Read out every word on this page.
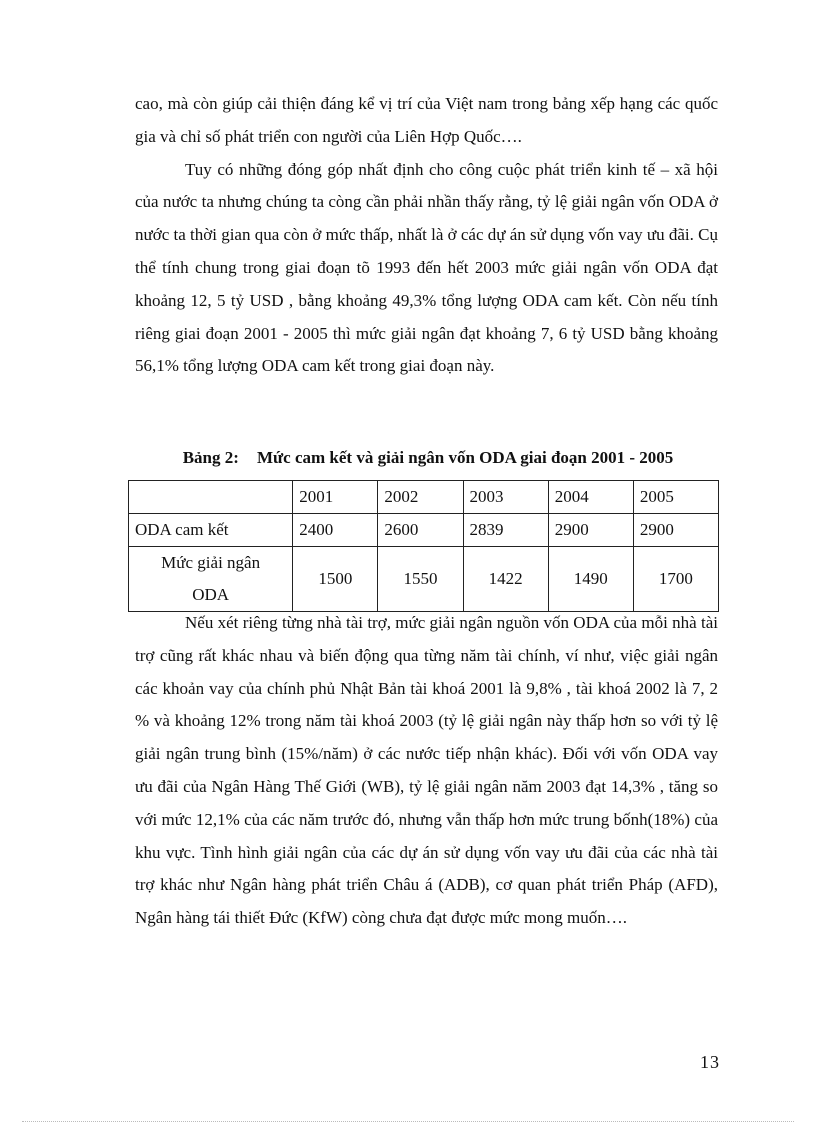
cao, mà còn giúp cải thiện đáng kể vị trí của Việt nam trong bảng xếp hạng các quốc gia và chỉ số phát triển con người của Liên Hợp Quốc….

Tuy có những đóng góp nhất định cho công cuộc phát triển kinh tế – xã hội của nước ta nhưng chúng ta còng cần phải nhần thấy rằng, tỷ lệ giải ngân vốn ODA ở nước ta thời gian qua còn ở mức thấp, nhất là ở các dự án sử dụng vốn vay ưu đãi. Cụ thể tính chung trong giai đoạn tõ 1993 đến hết 2003 mức giải ngân vốn ODA đạt khoảng 12, 5 tỷ USD , bằng khoảng 49,3% tổng lượng ODA cam kết. Còn nếu tính riêng giai đoạn 2001 - 2005 thì mức giải ngân đạt khoảng 7, 6 tỷ USD bằng khoảng 56,1% tổng lượng ODA cam kết trong giai đoạn này.

Bảng 2: Mức cam kết và giải ngân vốn ODA giai đoạn 2001 - 2005
	2001	2002	2003	2004	2005
ODA cam kết	2400	2600	2839	2900	2900
Mức giải ngân
ODA	1500	1550	1422	1490	1700

Nếu xét riêng từng nhà tài trợ, mức giải ngân nguồn vốn ODA của mỗi nhà tài trợ cũng rất khác nhau và biến động qua từng năm tài chính, ví như, việc giải ngân các khoản vay của chính phủ Nhật Bản tài khoá 2001 là 9,8% , tài khoá 2002 là 7, 2 % và khoảng 12% trong năm tài khoá 2003 (tỷ lệ giải ngân này thấp hơn so với tỷ lệ giải ngân trung bình (15%/năm) ở các nước tiếp nhận khác). Đối với vốn ODA vay ưu đãi của Ngân Hàng Thế Giới (WB), tỷ lệ giải ngân năm 2003 đạt 14,3% , tăng so với mức 12,1% của các năm trước đó, nhưng vẫn thấp hơn mức trung bốnh(18%) của khu vực. Tình hình giải ngân của các dự án sử dụng vốn vay ưu đãi của các nhà tài trợ khác như Ngân hàng phát triển Châu á (ADB), cơ quan phát triển Pháp (AFD), Ngân hàng tái thiết Đức (KfW) còng chưa đạt được mức mong muốn….

13
